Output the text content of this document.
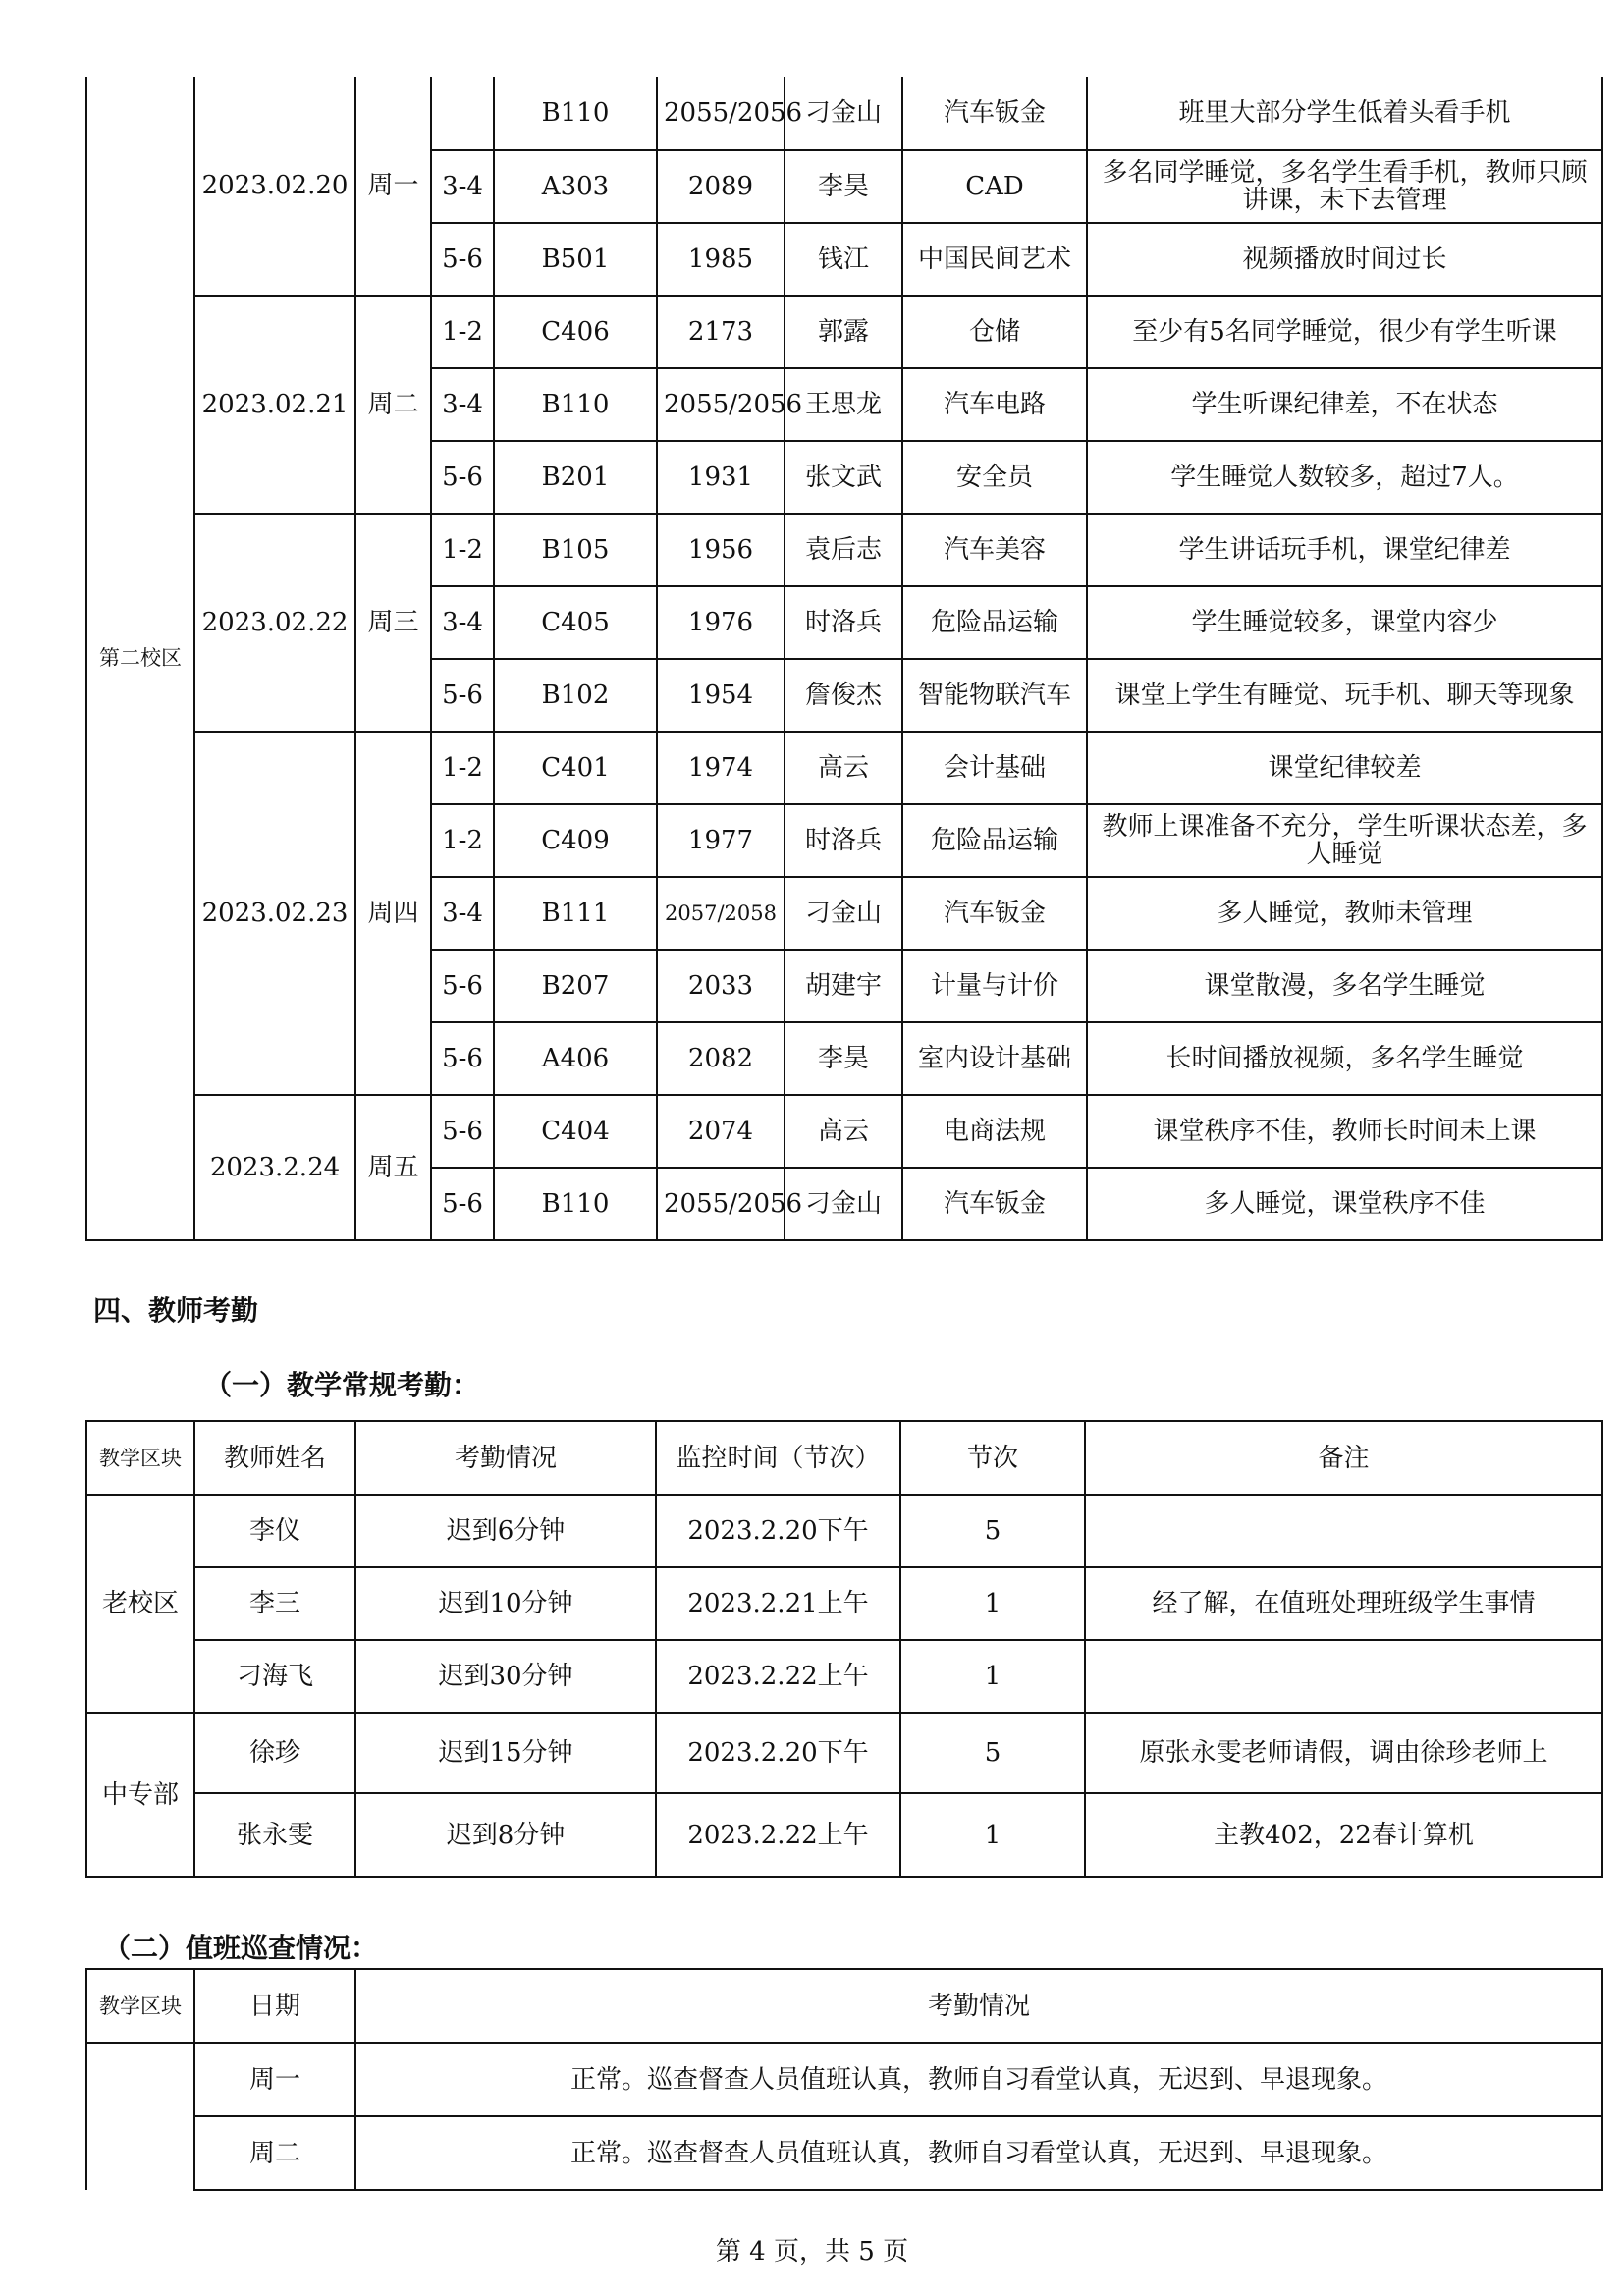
第二校区	2023.02.20	周一		B110	2055/2056	刁金山	汽车钣金	班里大部分学生低着头看手机
			3-4	A303	2089	李昊	CAD	多名同学睡觉，多名学生看手机，教师只顾讲课，未下去管理
			5-6	B501	1985	钱江	中国民间艺术	视频播放时间过长
	2023.02.21	周二	1-2	C406	2173	郭露	仓储	至少有5名同学睡觉，很少有学生听课
			3-4	B110	2055/2056	王思龙	汽车电路	学生听课纪律差，不在状态
			5-6	B201	1931	张文武	安全员	学生睡觉人数较多，超过7人。
	2023.02.22	周三	1-2	B105	1956	袁后志	汽车美容	学生讲话玩手机，课堂纪律差
			3-4	C405	1976	时洛兵	危险品运输	学生睡觉较多，课堂内容少
			5-6	B102	1954	詹俊杰	智能物联汽车	课堂上学生有睡觉、玩手机、聊天等现象
	2023.02.23	周四	1-2	C401	1974	高云	会计基础	课堂纪律较差
			1-2	C409	1977	时洛兵	危险品运输	教师上课准备不充分，学生听课状态差，多人睡觉
			3-4	B111	2057/2058	刁金山	汽车钣金	多人睡觉，教师未管理
			5-6	B207	2033	胡建宇	计量与计价	课堂散漫，多名学生睡觉
			5-6	A406	2082	李昊	室内设计基础	长时间播放视频，多名学生睡觉
	2023.2.24	周五	5-6	C404	2074	高云	电商法规	课堂秩序不佳，教师长时间未上课
			5-6	B110	2055/2056	刁金山	汽车钣金	多人睡觉，课堂秩序不佳
四、教师考勤
（一）教学常规考勤：
教学区块	教师姓名	考勤情况	监控时间（节次）	节次	备注
老校区	李仪	迟到6分钟	2023.2.20下午	5	
	李三	迟到10分钟	2023.2.21上午	1	经了解，在值班处理班级学生事情
	刁海飞	迟到30分钟	2023.2.22上午	1	
中专部	徐珍	迟到15分钟	2023.2.20下午	5	原张永雯老师请假，调由徐珍老师上
	张永雯	迟到8分钟	2023.2.22上午	1	主教402，22春计算机
（二）值班巡查情况：
教学区块	日期	考勤情况
	周一	正常。巡查督查人员值班认真，教师自习看堂认真，无迟到、早退现象。
	周二	正常。巡查督查人员值班认真，教师自习看堂认真，无迟到、早退现象。
第 4 页，共 5 页
